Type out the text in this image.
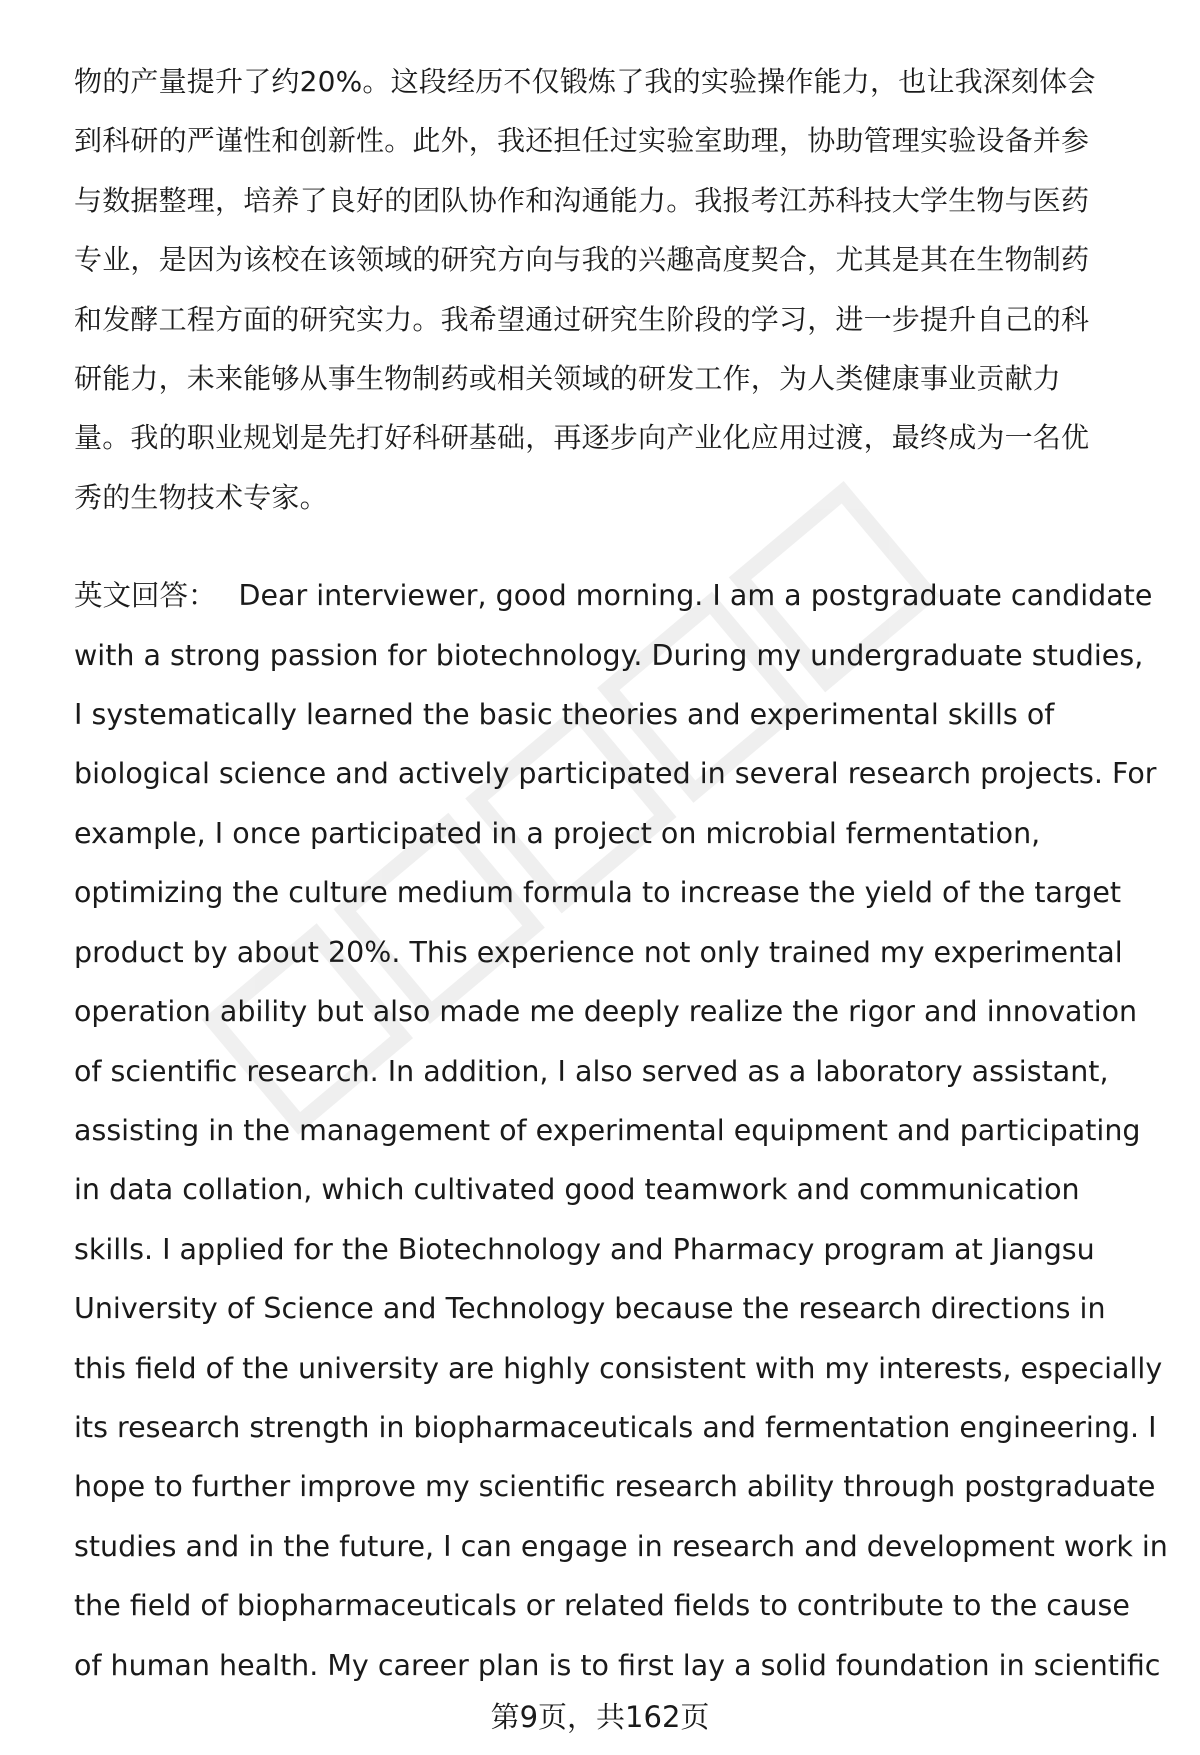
物的产量提升了约20%。这段经历不仅锻炼了我的实验操作能力，也让我深刻体会
到科研的严谨性和创新性。此外，我还担任过实验室助理，协助管理实验设备并参
与数据整理，培养了良好的团队协作和沟通能力。我报考江苏科技大学生物与医药
专业，是因为该校在该领域的研究方向与我的兴趣高度契合，尤其是其在生物制药
和发酵工程方面的研究实力。我希望通过研究生阶段的学习，进一步提升自己的科
研能力，未来能够从事生物制药或相关领域的研发工作，为人类健康事业贡献力
量。我的职业规划是先打好科研基础，再逐步向产业化应用过渡，最终成为一名优
秀的生物技术专家。

英文回答： Dear interviewer, good morning. I am a postgraduate candidate
with a strong passion for biotechnology. During my undergraduate studies,
I systematically learned the basic theories and experimental skills of
biological science and actively participated in several research projects. For
example, I once participated in a project on microbial fermentation,
optimizing the culture medium formula to increase the yield of the target
product by about 20%. This experience not only trained my experimental
operation ability but also made me deeply realize the rigor and innovation
of scientific research. In addition, I also served as a laboratory assistant,
assisting in the management of experimental equipment and participating
in data collation, which cultivated good teamwork and communication
skills. I applied for the Biotechnology and Pharmacy program at Jiangsu
University of Science and Technology because the research directions in
this field of the university are highly consistent with my interests, especially
its research strength in biopharmaceuticals and fermentation engineering. I
hope to further improve my scientific research ability through postgraduate
studies and in the future, I can engage in research and development work in
the field of biopharmaceuticals or related fields to contribute to the cause
of human health. My career plan is to first lay a solid foundation in scientific

第9页，共162页
